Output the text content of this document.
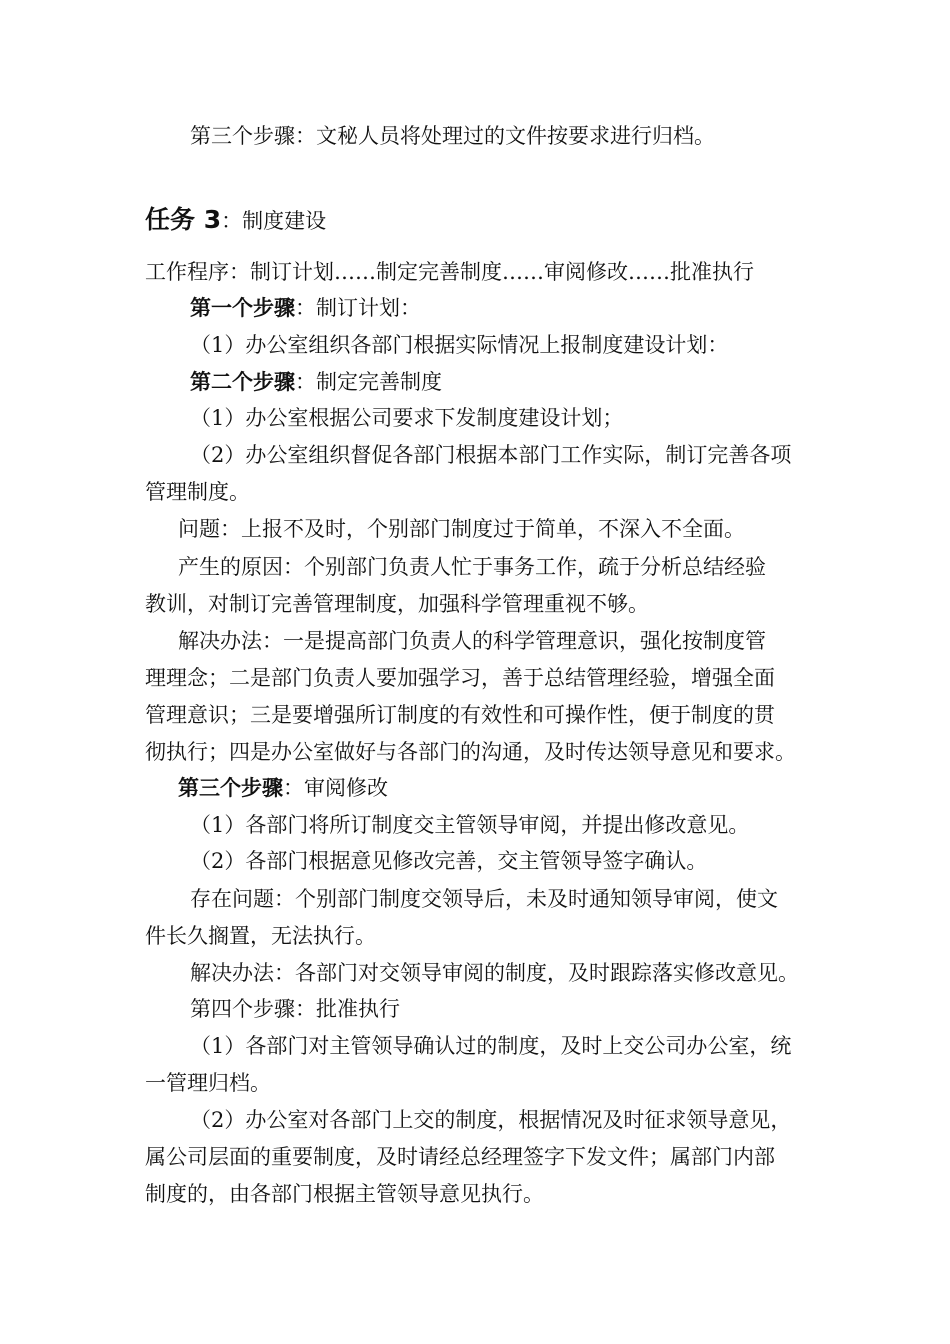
第三个步骤：文秘人员将处理过的文件按要求进行归档。
任务 3：制度建设
工作程序：制订计划……制定完善制度……审阅修改……批准执行
第一个步骤：制订计划：
（1）办公室组织各部门根据实际情况上报制度建设计划：
第二个步骤：制定完善制度
（1）办公室根据公司要求下发制度建设计划；
（2）办公室组织督促各部门根据本部门工作实际，制订完善各项
管理制度。
问题：上报不及时，个别部门制度过于简单，不深入不全面。
产生的原因：个别部门负责人忙于事务工作，疏于分析总结经验
教训，对制订完善管理制度，加强科学管理重视不够。
解决办法：一是提高部门负责人的科学管理意识，强化按制度管
理理念；二是部门负责人要加强学习，善于总结管理经验，增强全面
管理意识；三是要增强所订制度的有效性和可操作性，便于制度的贯
彻执行；四是办公室做好与各部门的沟通，及时传达领导意见和要求。
第三个步骤：审阅修改
（1）各部门将所订制度交主管领导审阅，并提出修改意见。
（2）各部门根据意见修改完善，交主管领导签字确认。
存在问题：个别部门制度交领导后，未及时通知领导审阅，使文
件长久搁置，无法执行。
解决办法：各部门对交领导审阅的制度，及时跟踪落实修改意见。
第四个步骤：批准执行
（1）各部门对主管领导确认过的制度，及时上交公司办公室，统
一管理归档。
（2）办公室对各部门上交的制度，根据情况及时征求领导意见，
属公司层面的重要制度，及时请经总经理签字下发文件；属部门内部
制度的，由各部门根据主管领导意见执行。
